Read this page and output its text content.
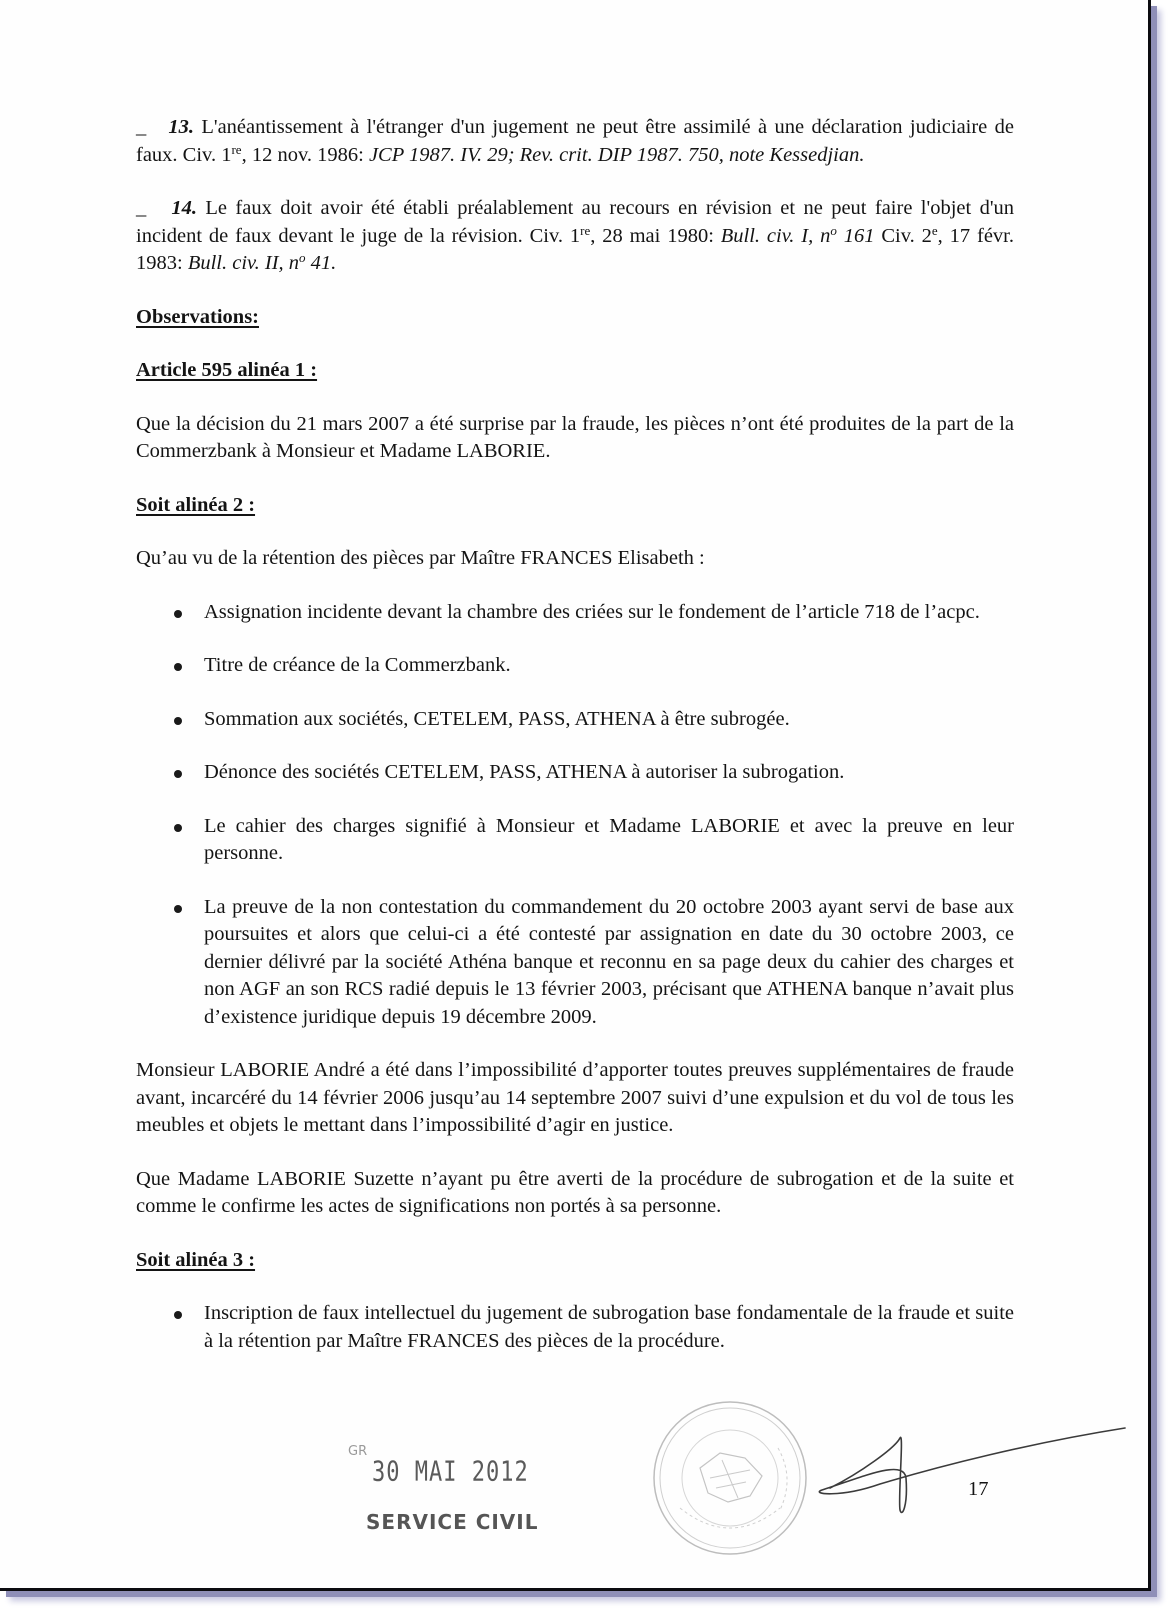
_ 13. L'anéantissement à l'étranger d'un jugement ne peut être assimilé à une déclaration judiciaire de faux. Civ. 1re, 12 nov. 1986: JCP 1987. IV. 29; Rev. crit. DIP 1987. 750, note Kessedjian.

_ 14. Le faux doit avoir été établi préalablement au recours en révision et ne peut faire l'objet d'un incident de faux devant le juge de la révision. Civ. 1re, 28 mai 1980: Bull. civ. I, $n^o$ 161 Civ. 2e, 17 févr. 1983: Bull. civ. II, $n^o$ 41.

Observations:

Article 595 alinéa 1 :

Que la décision du 21 mars 2007 a été surprise par la fraude, les pièces n’ont été produites de la part de la Commerzbank à Monsieur et Madame LABORIE.

Soit alinéa 2 :

Qu’au vu de la rétention des pièces par Maître FRANCES Elisabeth :

Assignation incidente devant la chambre des criées sur le fondement de l’article 718 de l’acpc.
Titre de créance de la Commerzbank.
Sommation aux sociétés, CETELEM, PASS, ATHENA à être subrogée.
Dénonce des sociétés CETELEM, PASS, ATHENA à autoriser la subrogation.
Le cahier des charges signifié à Monsieur et Madame LABORIE et avec la preuve en leur personne.
La preuve de la non contestation du commandement du 20 octobre 2003 ayant servi de base aux poursuites et alors que celui-ci a été contesté par assignation en date du 30 octobre 2003, ce dernier délivré par la société Athéna banque et reconnu en sa page deux du cahier des charges et non AGF an son RCS radié depuis le 13 février 2003, précisant que ATHENA banque n’avait plus d’existence juridique depuis 19 décembre 2009.

Monsieur LABORIE André a été dans l’impossibilité d’apporter toutes preuves supplémentaires de fraude avant, incarcéré du 14 février 2006 jusqu’au 14 septembre 2007 suivi d’une expulsion et du vol de tous les meubles et objets le mettant dans l’impossibilité d’agir en justice.

Que Madame LABORIE Suzette n’ayant pu être averti de la procédure de subrogation et de la suite et comme le confirme les actes de significations non portés à sa personne.

Soit alinéa 3 :

Inscription de faux intellectuel du jugement de subrogation base fondamentale de la fraude et suite à la rétention par Maître FRANCES des pièces de la procédure.
GR
30 MAI 2012
SERVICE CIVIL
17
